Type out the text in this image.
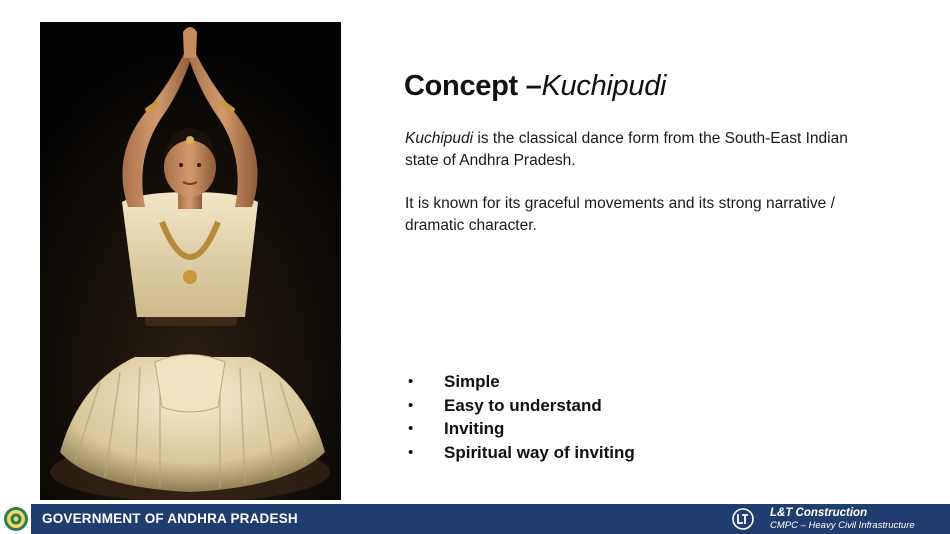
Concept –Kuchipudi
Kuchipudi is the classical dance form from the South-East Indian state of Andhra Pradesh.
It is known for its graceful movements and its strong narrative / dramatic character.
• Simple
• Easy to understand
• Inviting
• Spiritual way of inviting
GOVERNMENT OF ANDHRA PRADESH	L&T Construction
CMPC – Heavy Civil Infrastructure
